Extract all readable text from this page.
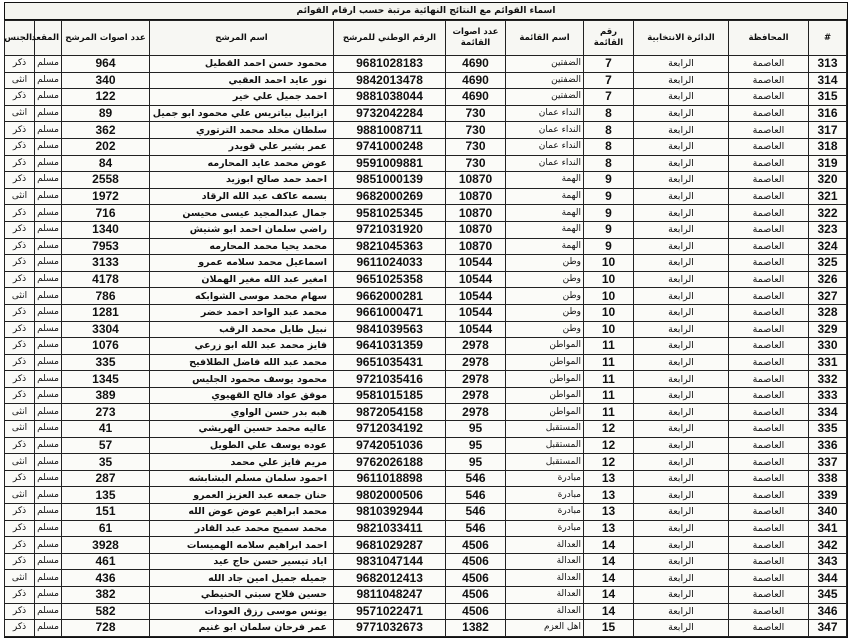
اسماء القوائم مع النتائج النهائية مرتبة حسب ارقام القوائم
#	المحافظة	الدائرة الانتخابية	رقم القائمة	اسم القائمة	عدد اصوات القائمة	الرقم الوطني للمرشح	اسم المرشح	عدد اصوات المرشح	المقعد	الجنس
313	العاصمة	الرابعة	7	الضفتين	4690	9681028183	محمود حسن احمد القطيل	964	مسلم	ذكر
314	العاصمة	الرابعة	7	الضفتين	4690	9842013478	نور عايد احمد العقبي	340	مسلم	انثى
315	العاصمة	الرابعة	7	الضفتين	4690	9881038044	احمد جميل علي خير	122	مسلم	ذكر
316	العاصمة	الرابعة	8	النداء عمان	730	9732042284	ايزابيل بياتريس علي محمود ابو جميل	89	مسلم	انثى
317	العاصمة	الرابعة	8	النداء عمان	730	9881008711	سلطان مخلد محمد الترتوري	362	مسلم	ذكر
318	العاصمة	الرابعة	8	النداء عمان	730	9741000248	عمر بشير علي قويدر	202	مسلم	ذكر
319	العاصمة	الرابعة	8	النداء عمان	730	9591009881	عوض محمد عايد المحارمه	84	مسلم	ذكر
320	العاصمة	الرابعة	9	الهمة	10870	9851000139	احمد حمد صالح ابوزيد	2558	مسلم	ذكر
321	العاصمة	الرابعة	9	الهمة	10870	9682000269	بسمه عاكف عبد الله الرقاد	1972	مسلم	انثى
322	العاصمة	الرابعة	9	الهمة	10870	9581025345	جمال عبدالمجيد عيسى محيسن	716	مسلم	ذكر
323	العاصمة	الرابعة	9	الهمة	10870	9721031920	راضي سلمان احمد ابو شنيش	1340	مسلم	ذكر
324	العاصمة	الرابعة	9	الهمة	10870	9821045363	محمد يحيا محمد المحارمه	7953	مسلم	ذكر
325	العاصمة	الرابعة	10	وطن	10544	9611024033	اسماعيل محمد سلامه عمرو	3133	مسلم	ذكر
326	العاصمة	الرابعة	10	وطن	10544	9651025358	امغير عبد الله مغير الهملان	4178	مسلم	ذكر
327	العاصمة	الرابعة	10	وطن	10544	9662000281	سهام محمد موسى الشوابكه	786	مسلم	انثى
328	العاصمة	الرابعة	10	وطن	10544	9661000471	محمد عبد الواحد احمد خضر	1281	مسلم	ذكر
329	العاصمة	الرابعة	10	وطن	10544	9841039563	نبيل طايل محمد الرقب	3304	مسلم	ذكر
330	العاصمة	الرابعة	11	المواطن	2978	9641031359	فايز محمد عبد الله ابو زرعي	1076	مسلم	ذكر
331	العاصمة	الرابعة	11	المواطن	2978	9651035431	محمد عبد الله فاضل الطلافيح	335	مسلم	ذكر
332	العاصمة	الرابعة	11	المواطن	2978	9721035416	محمود يوسف محمود الجليس	1345	مسلم	ذكر
333	العاصمة	الرابعة	11	المواطن	2978	9581015185	موفق عواد فالح القهيوي	389	مسلم	ذكر
334	العاصمة	الرابعة	11	المواطن	2978	9872054158	هبه بدر حسن الواوي	273	مسلم	انثى
335	العاصمة	الرابعة	12	المستقبل	95	9712034192	عاليه محمد حسين الهريشي	41	مسلم	انثى
336	العاصمة	الرابعة	12	المستقبل	95	9742051036	عوده يوسف علي الطويل	57	مسلم	ذكر
337	العاصمة	الرابعة	12	المستقبل	95	9762026188	مريم فايز علي محمد	35	مسلم	انثى
338	العاصمة	الرابعة	13	مبادرة	546	9611018898	احمود سلمان مسلم البشابشه	287	مسلم	ذكر
339	العاصمة	الرابعة	13	مبادرة	546	9802000506	حنان جمعه عبد العزيز العمرو	135	مسلم	انثى
340	العاصمة	الرابعة	13	مبادرة	546	9810392944	محمد ابراهيم عوض عوض الله	151	مسلم	ذكر
341	العاصمة	الرابعة	13	مبادرة	546	9821033411	محمد سميح محمد عبد القادر	61	مسلم	ذكر
342	العاصمة	الرابعة	14	العدالة	4506	9681029287	احمد ابراهيم سلامه الهميسات	3928	مسلم	ذكر
343	العاصمة	الرابعة	14	العدالة	4506	9831047144	اياد تيسير حسن حاج عيد	461	مسلم	ذكر
344	العاصمة	الرابعة	14	العدالة	4506	9682012413	جميله جميل امين جاد الله	436	مسلم	انثى
345	العاصمة	الرابعة	14	العدالة	4506	9811048247	حسين فلاح سبتي الحنيطي	382	مسلم	ذكر
346	العاصمة	الرابعة	14	العدالة	4506	9571022471	يونس موسى رزق العودات	582	مسلم	ذكر
347	العاصمة	الرابعة	15	اهل العزم	1382	9771032673	عمر فرحان سلمان ابو غنيم	728	مسلم	ذكر
